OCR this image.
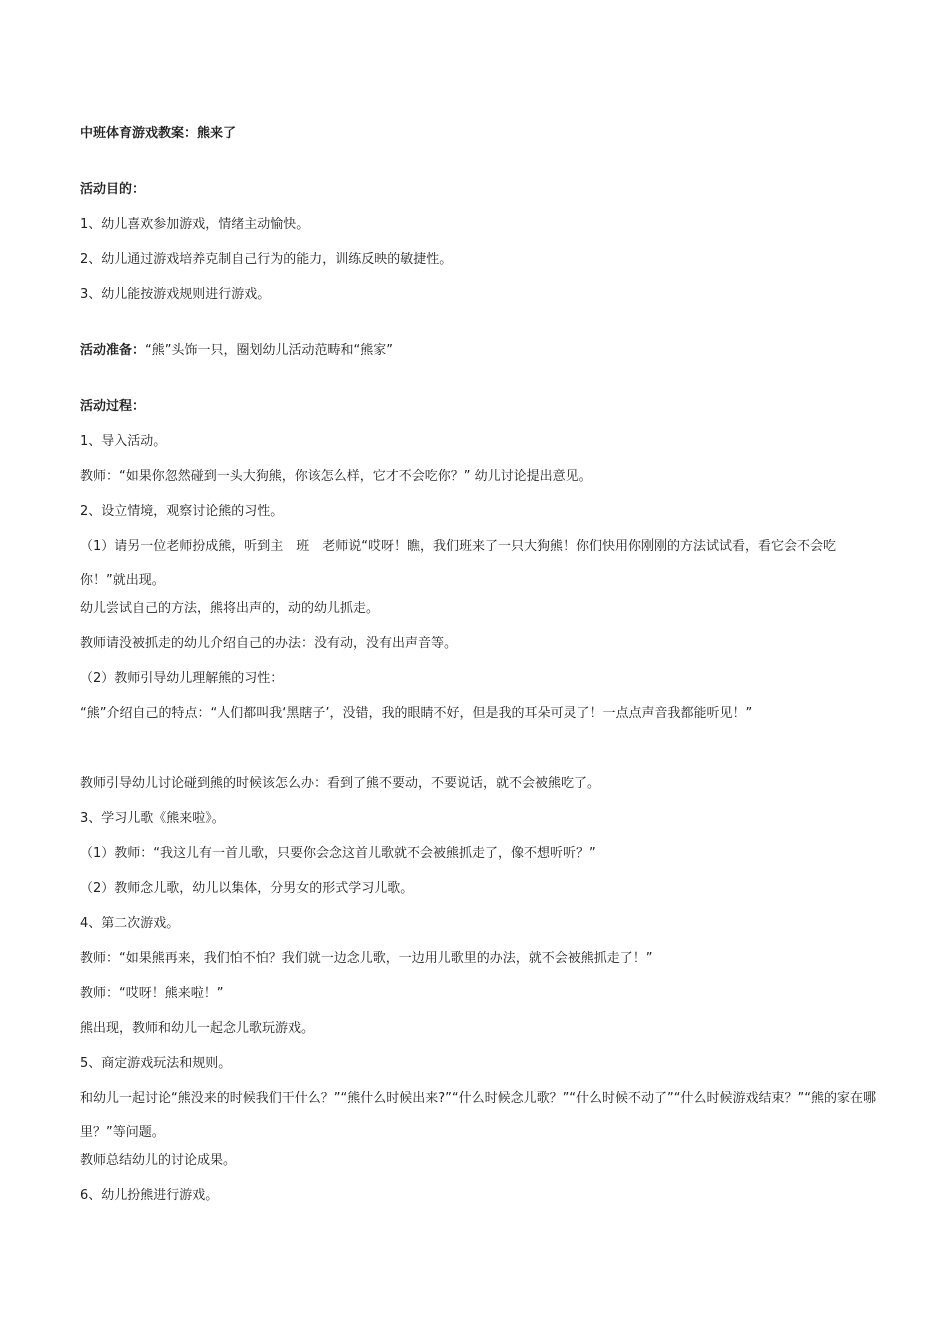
中班体育游戏教案：熊来了

活动目的：

1、幼儿喜欢参加游戏，情绪主动愉快。

2、幼儿通过游戏培养克制自己行为的能力，训练反映的敏捷性。

3、幼儿能按游戏规则进行游戏。

活动准备：“熊”头饰一只，圈划幼儿活动范畴和“熊家”

活动过程：

1、导入活动。

教师：“如果你忽然碰到一头大狗熊，你该怎么样，它才不会吃你？” 幼儿讨论提出意见。

2、设立情境，观察讨论熊的习性。

（1）请另一位老师扮成熊，听到主　班　老师说“哎呀！瞧，我们班来了一只大狗熊！你们快用你刚刚的方法试试看，看它会不会吃你！”就出现。

幼儿尝试自己的方法，熊将出声的，动的幼儿抓走。

教师请没被抓走的幼儿介绍自己的办法：没有动，没有出声音等。

（2）教师引导幼儿理解熊的习性：

“熊”介绍自己的特点：“人们都叫我‘黑瞎子’，没错，我的眼睛不好，但是我的耳朵可灵了！一点点声音我都能听见！”

教师引导幼儿讨论碰到熊的时候该怎么办：看到了熊不要动，不要说话，就不会被熊吃了。

3、学习儿歌《熊来啦》。

（1）教师：“我这儿有一首儿歌，只要你会念这首儿歌就不会被熊抓走了，像不想听听？”

（2）教师念儿歌，幼儿以集体，分男女的形式学习儿歌。

4、第二次游戏。

教师：“如果熊再来，我们怕不怕？我们就一边念儿歌，一边用儿歌里的办法，就不会被熊抓走了！”

教师：“哎呀！熊来啦！”

熊出现，教师和幼儿一起念儿歌玩游戏。

5、商定游戏玩法和规则。

和幼儿一起讨论“熊没来的时候我们干什么？”“熊什么时候出来?”“什么时候念儿歌？”“什么时候不动了”“什么时候游戏结束？”“熊的家在哪里？”等问题。

教师总结幼儿的讨论成果。

6、幼儿扮熊进行游戏。
